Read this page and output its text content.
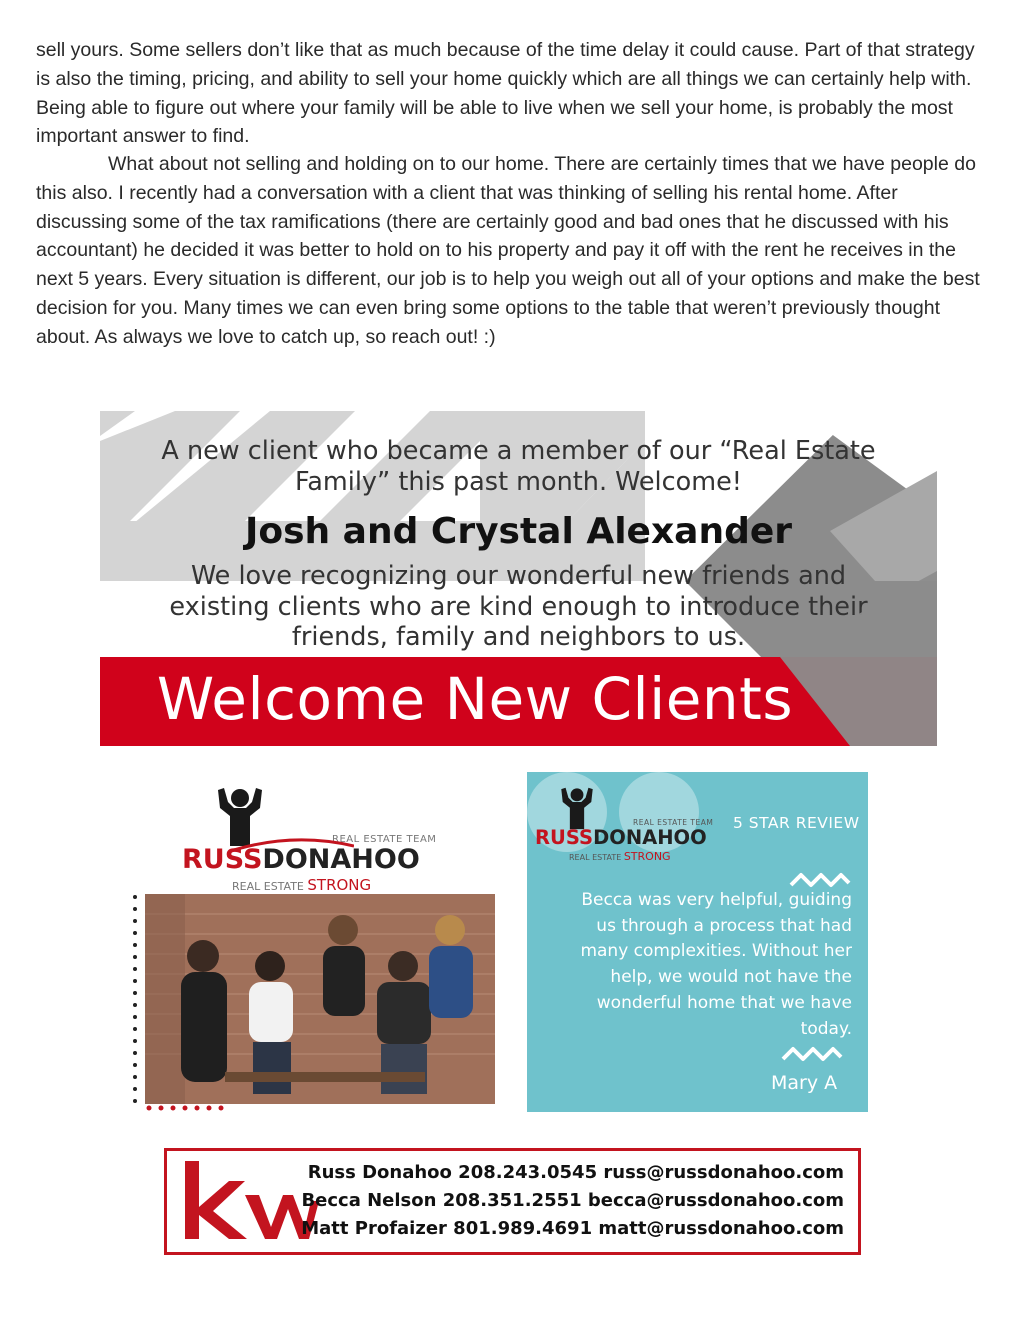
sell yours. Some sellers don’t like that as much because of the time delay it could cause. Part of that strategy is also the timing, pricing, and ability to sell your home quickly which are all things we can certainly help with. Being able to figure out where your family will be able to live when we sell your home, is probably the most important answer to find.

What about not selling and holding on to our home. There are certainly times that we have people do this also. I recently had a conversation with a client that was thinking of selling his rental home. After discussing some of the tax ramifications (there are certainly good and bad ones that he discussed with his accountant) he decided it was better to hold on to his property and pay it off with the rent he receives in the next 5 years. Every situation is different, our job is to help you weigh out all of your options and make the best decision for you. Many times we can even bring some options to the table that weren’t previously thought about. As always we love to catch up, so reach out! :)

A new client who became a member of our “Real Estate
Family” this past month. Welcome!
Josh and Crystal Alexander
We love recognizing our wonderful new friends and
existing clients who are kind enough to introduce their
friends, family and neighbors to us.
Welcome New Clients
REAL ESTATE TEAM
RUSSDONAHOO
REAL ESTATE STRONG
REAL ESTATE TEAM
RUSSDONAHOO
REAL ESTATE STRONG
5 STAR REVIEW
Becca was very helpful, guiding
us through a process that had
many complexities. Without her
help, we would not have the
wonderful home that we have
today.
Mary A
Russ Donahoo 208.243.0545 russ@russdonahoo.com
Becca Nelson 208.351.2551 becca@russdonahoo.com
Matt Profaizer 801.989.4691 matt@russdonahoo.com
